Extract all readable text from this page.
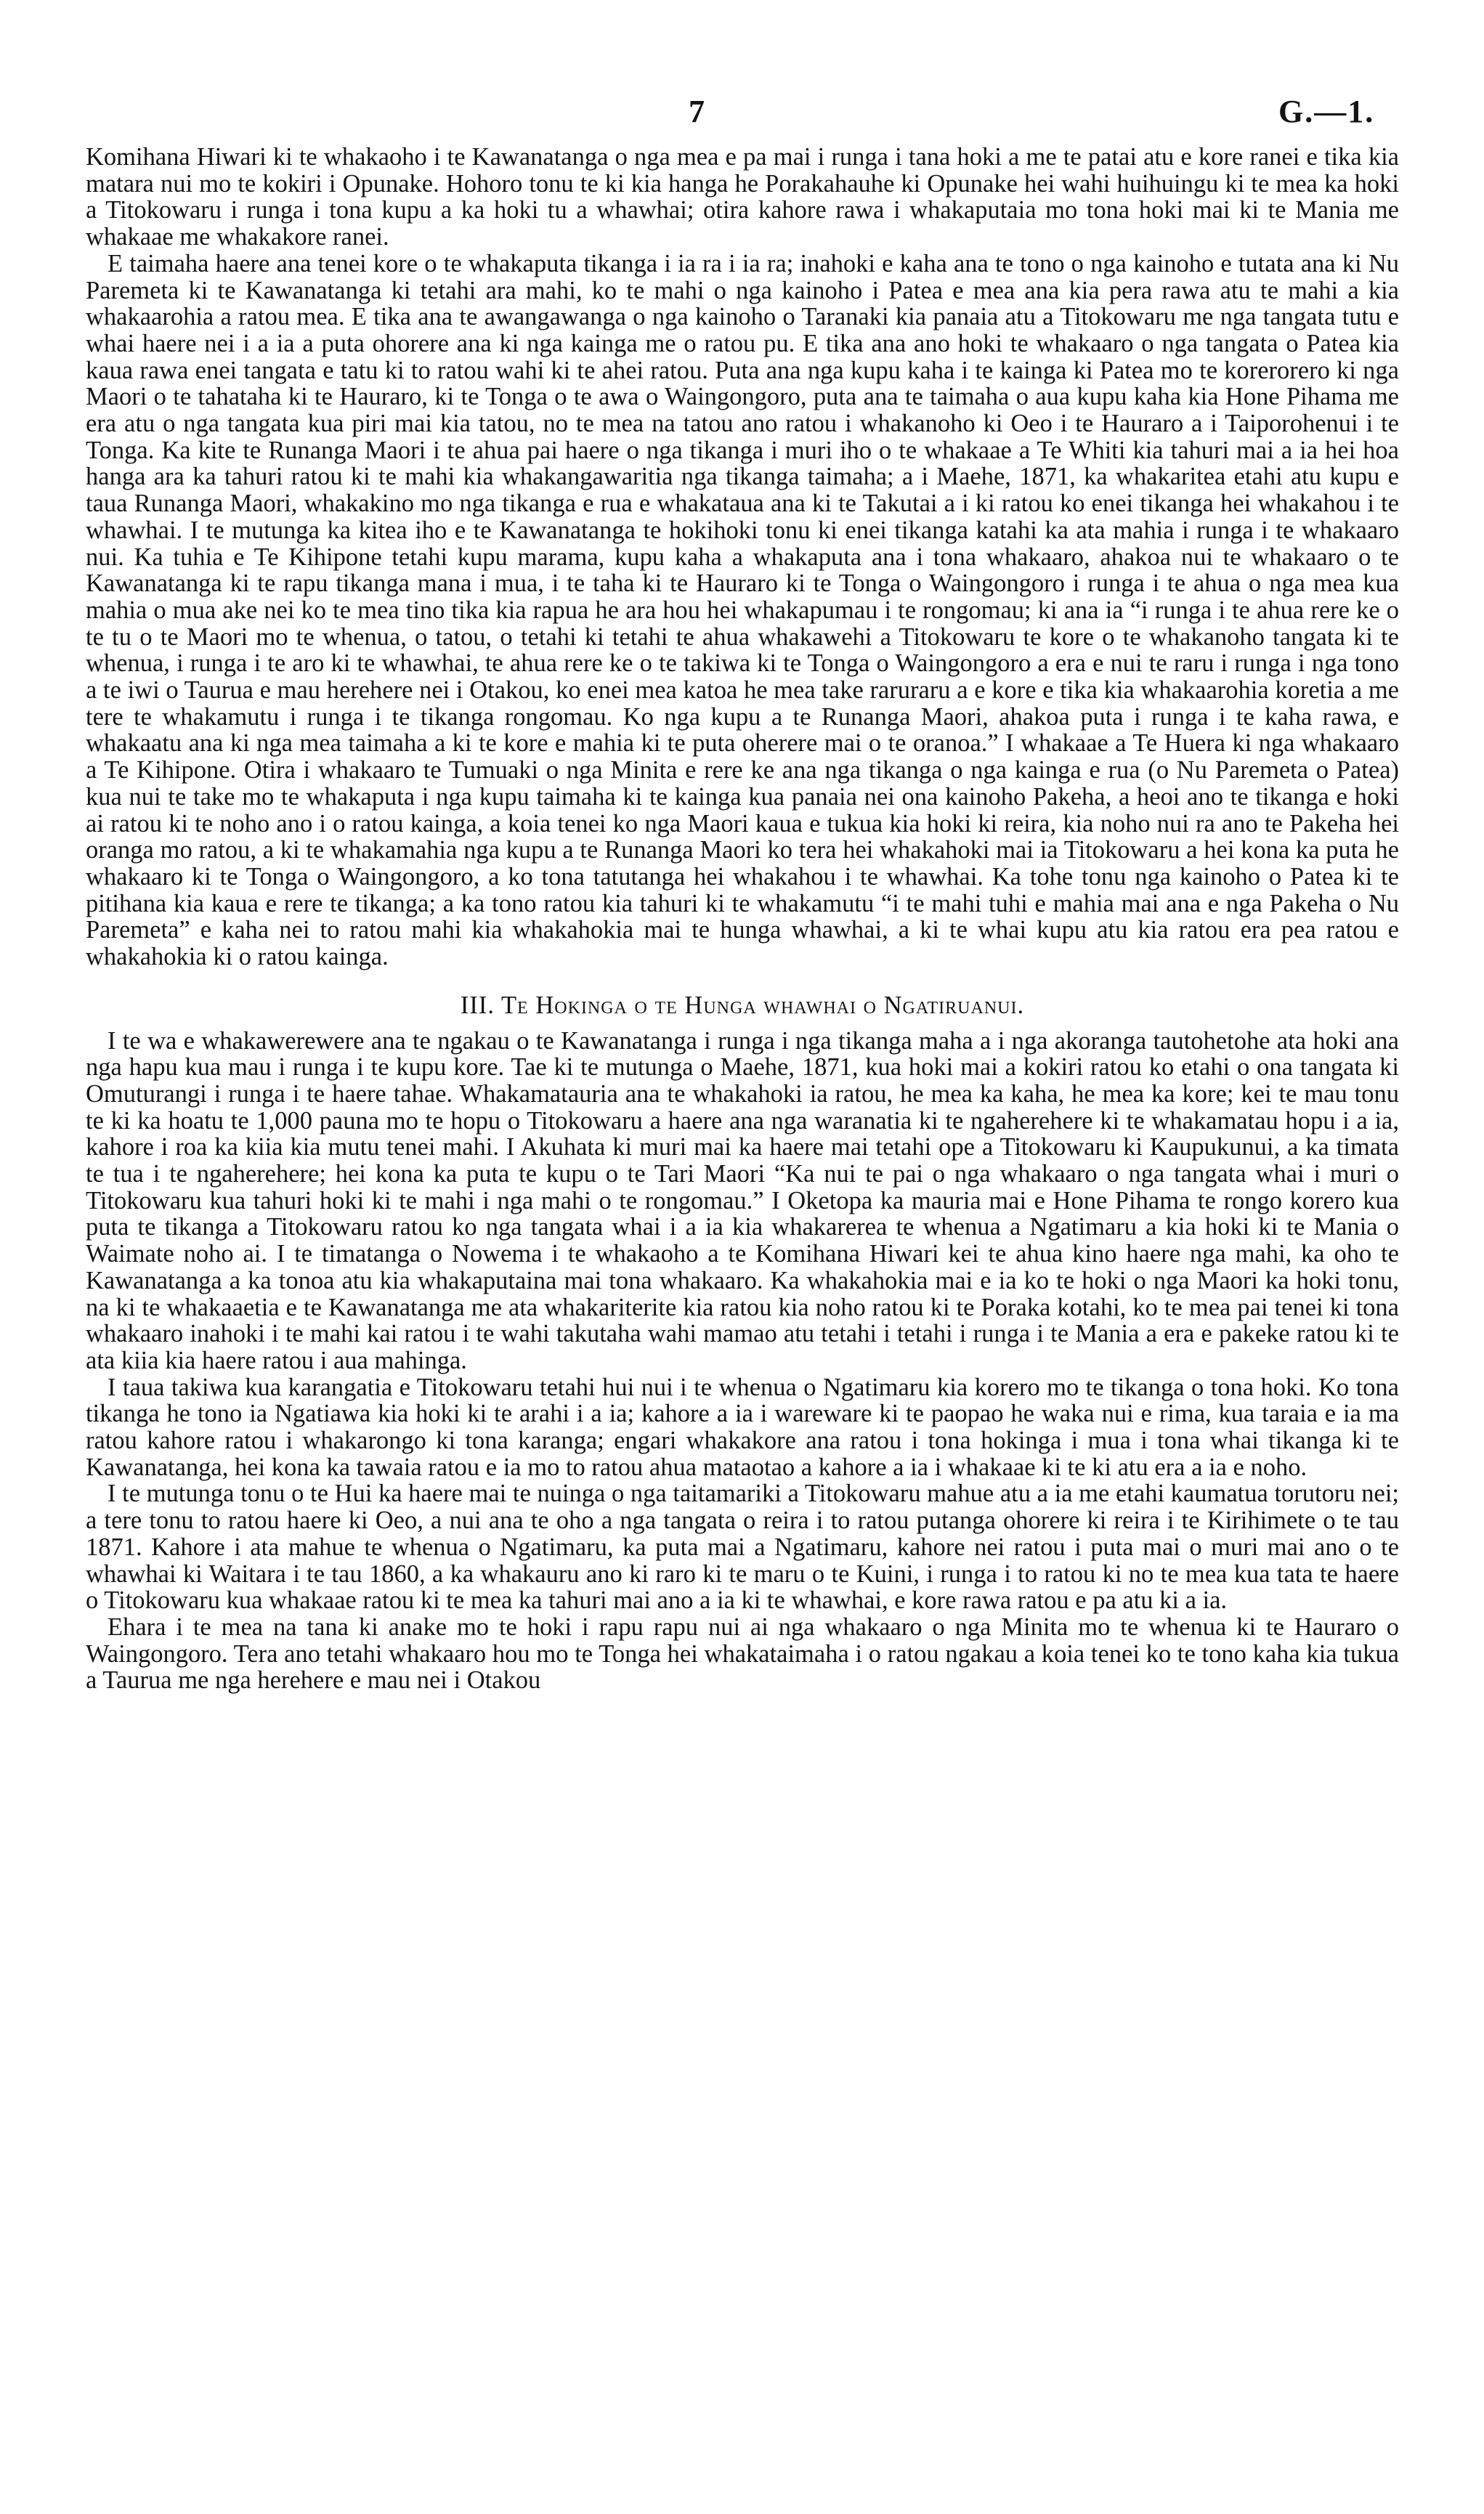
7	G.—1.

Komihana Hiwari ki te whakaoho i te Kawanatanga o nga mea e pa mai i runga i tana hoki a me te patai atu e kore ranei e tika kia matara nui mo te kokiri i Opunake. Hohoro tonu te ki kia hanga he Porakahauhe ki Opunake hei wahi huihuingu ki te mea ka hoki a Titokowaru i runga i tona kupu a ka hoki tu a whawhai; otira kahore rawa i whakaputaia mo tona hoki mai ki te Mania me whakaae me whakakore ranei.

E taimaha haere ana tenei kore o te whakaputa tikanga i ia ra i ia ra; inahoki e kaha ana te tono o nga kainoho e tutata ana ki Nu Paremeta ki te Kawanatanga ki tetahi ara mahi, ko te mahi o nga kainoho i Patea e mea ana kia pera rawa atu te mahi a kia whakaarohia a ratou mea. E tika ana te awangawanga o nga kainoho o Taranaki kia panaia atu a Titokowaru me nga tangata tutu e whai haere nei i a ia a puta ohorere ana ki nga kainga me o ratou pu. E tika ana ano hoki te whakaaro o nga tangata o Patea kia kaua rawa enei tangata e tatu ki to ratou wahi ki te ahei ratou. Puta ana nga kupu kaha i te kainga ki Patea mo te korerorero ki nga Maori o te tahataha ki te Hauraro, ki te Tonga o te awa o Waingongoro, puta ana te taimaha o aua kupu kaha kia Hone Pihama me era atu o nga tangata kua piri mai kia tatou, no te mea na tatou ano ratou i whakanoho ki Oeo i te Hauraro a i Taiporohenui i te Tonga. Ka kite te Runanga Maori i te ahua pai haere o nga tikanga i muri iho o te whakaae a Te Whiti kia tahuri mai a ia hei hoa hanga ara ka tahuri ratou ki te mahi kia whakangawaritia nga tikanga taimaha; a i Maehe, 1871, ka whakaritea etahi atu kupu e taua Runanga Maori, whakakino mo nga tikanga e rua e whakataua ana ki te Takutai a i ki ratou ko enei tikanga hei whakahou i te whawhai. I te mutunga ka kitea iho e te Kawanatanga te hokihoki tonu ki enei tikanga katahi ka ata mahia i runga i te whakaaro nui. Ka tuhia e Te Kihipone tetahi kupu marama, kupu kaha a whakaputa ana i tona whakaaro, ahakoa nui te whakaaro o te Kawanatanga ki te rapu tikanga mana i mua, i te taha ki te Hauraro ki te Tonga o Waingongoro i runga i te ahua o nga mea kua mahia o mua ake nei ko te mea tino tika kia rapua he ara hou hei whakapumau i te rongomau; ki ana ia “i runga i te ahua rere ke o te tu o te Maori mo te whenua, o tatou, o tetahi ki tetahi te ahua whakawehi a Titokowaru te kore o te whakanoho tangata ki te whenua, i runga i te aro ki te whawhai, te ahua rere ke o te takiwa ki te Tonga o Waingongoro a era e nui te raru i runga i nga tono a te iwi o Taurua e mau herehere nei i Otakou, ko enei mea katoa he mea take raruraru a e kore e tika kia whakaarohia koretia a me tere te whakamutu i runga i te tikanga rongomau. Ko nga kupu a te Runanga Maori, ahakoa puta i runga i te kaha rawa, e whakaatu ana ki nga mea taimaha a ki te kore e mahia ki te puta oherere mai o te oranoa.” I whakaae a Te Huera ki nga whakaaro a Te Kihipone. Otira i whakaaro te Tumuaki o nga Minita e rere ke ana nga tikanga o nga kainga e rua (o Nu Paremeta o Patea) kua nui te take mo te whakaputa i nga kupu taimaha ki te kainga kua panaia nei ona kainoho Pakeha, a heoi ano te tikanga e hoki ai ratou ki te noho ano i o ratou kainga, a koia tenei ko nga Maori kaua e tukua kia hoki ki reira, kia noho nui ra ano te Pakeha hei oranga mo ratou, a ki te whakamahia nga kupu a te Runanga Maori ko tera hei whakahoki mai ia Titokowaru a hei kona ka puta he whakaaro ki te Tonga o Waingongoro, a ko tona tatutanga hei whakahou i te whawhai. Ka tohe tonu nga kainoho o Patea ki te pitihana kia kaua e rere te tikanga; a ka tono ratou kia tahuri ki te whakamutu “i te mahi tuhi e mahia mai ana e nga Pakeha o Nu Paremeta” e kaha nei to ratou mahi kia whakahokia mai te hunga whawhai, a ki te whai kupu atu kia ratou era pea ratou e whakahokia ki o ratou kainga.

III. Te Hokinga o te Hunga whawhai o Ngatiruanui.

I te wa e whakawerewere ana te ngakau o te Kawanatanga i runga i nga tikanga maha a i nga akoranga tautohetohe ata hoki ana nga hapu kua mau i runga i te kupu kore. Tae ki te mutunga o Maehe, 1871, kua hoki mai a kokiri ratou ko etahi o ona tangata ki Omuturangi i runga i te haere tahae. Whakamatauria ana te whakahoki ia ratou, he mea ka kaha, he mea ka kore; kei te mau tonu te ki ka hoatu te 1,000 pauna mo te hopu o Titokowaru a haere ana nga waranatia ki te ngaherehere ki te whakamatau hopu i a ia, kahore i roa ka kiia kia mutu tenei mahi. I Akuhata ki muri mai ka haere mai tetahi ope a Titokowaru ki Kaupukunui, a ka timata te tua i te ngaherehere; hei kona ka puta te kupu o te Tari Maori “Ka nui te pai o nga whakaaro o nga tangata whai i muri o Titokowaru kua tahuri hoki ki te mahi i nga mahi o te rongomau.” I Oketopa ka mauria mai e Hone Pihama te rongo korero kua puta te tikanga a Titokowaru ratou ko nga tangata whai i a ia kia whakarerea te whenua a Ngatimaru a kia hoki ki te Mania o Waimate noho ai. I te timatanga o Nowema i te whakaoho a te Komihana Hiwari kei te ahua kino haere nga mahi, ka oho te Kawanatanga a ka tonoa atu kia whakaputaina mai tona whakaaro. Ka whakahokia mai e ia ko te hoki o nga Maori ka hoki tonu, na ki te whakaaetia e te Kawanatanga me ata whakariterite kia ratou kia noho ratou ki te Poraka kotahi, ko te mea pai tenei ki tona whakaaro inahoki i te mahi kai ratou i te wahi takutaha wahi mamao atu tetahi i tetahi i runga i te Mania a era e pakeke ratou ki te ata kiia kia haere ratou i aua mahinga.

I taua takiwa kua karangatia e Titokowaru tetahi hui nui i te whenua o Ngatimaru kia korero mo te tikanga o tona hoki. Ko tona tikanga he tono ia Ngatiawa kia hoki ki te arahi i a ia; kahore a ia i wareware ki te paopao he waka nui e rima, kua taraia e ia ma ratou kahore ratou i whakarongo ki tona karanga; engari whakakore ana ratou i tona hokinga i mua i tona whai tikanga ki te Kawanatanga, hei kona ka tawaia ratou e ia mo to ratou ahua mataotao a kahore a ia i whakaae ki te ki atu era a ia e noho.

I te mutunga tonu o te Hui ka haere mai te nuinga o nga taitamariki a Titokowaru mahue atu a ia me etahi kaumatua torutoru nei; a tere tonu to ratou haere ki Oeo, a nui ana te oho a nga tangata o reira i to ratou putanga ohorere ki reira i te Kirihimete o te tau 1871. Kahore i ata mahue te whenua o Ngatimaru, ka puta mai a Ngatimaru, kahore nei ratou i puta mai o muri mai ano o te whawhai ki Waitara i te tau 1860, a ka whakauru ano ki raro ki te maru o te Kuini, i runga i to ratou ki no te mea kua tata te haere o Titokowaru kua whakaae ratou ki te mea ka tahuri mai ano a ia ki te whawhai, e kore rawa ratou e pa atu ki a ia.

Ehara i te mea na tana ki anake mo te hoki i rapu rapu nui ai nga whakaaro o nga Minita mo te whenua ki te Hauraro o Waingongoro. Tera ano tetahi whakaaro hou mo te Tonga hei whakataimaha i o ratou ngakau a koia tenei ko te tono kaha kia tukua a Taurua me nga herehere e mau nei i Otakou
